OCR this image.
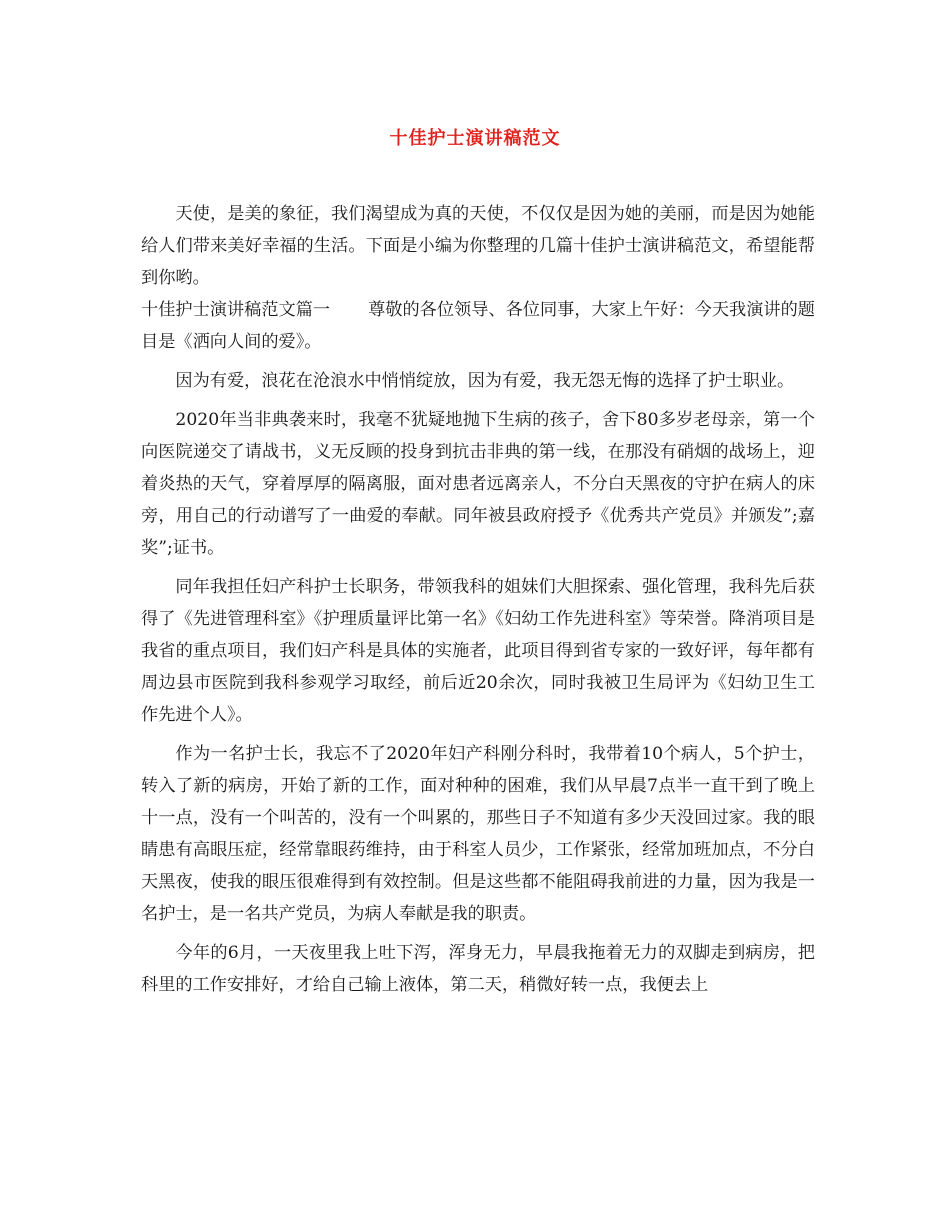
十佳护士演讲稿范文

天使，是美的象征，我们渴望成为真的天使，不仅仅是因为她的美丽，而是因为她能给人们带来美好幸福的生活。下面是小编为你整理的几篇十佳护士演讲稿范文，希望能帮到你哟。

十佳护士演讲稿范文篇一 尊敬的各位领导、各位同事，大家上午好：今天我演讲的题目是《洒向人间的爱》。

因为有爱，浪花在沧浪水中悄悄绽放，因为有爱，我无怨无悔的选择了护士职业。

2020年当非典袭来时，我毫不犹疑地抛下生病的孩子，舍下80多岁老母亲，第一个向医院递交了请战书，义无反顾的投身到抗击非典的第一线，在那没有硝烟的战场上，迎着炎热的天气，穿着厚厚的隔离服，面对患者远离亲人，不分白天黑夜的守护在病人的床旁，用自己的行动谱写了一曲爱的奉献。同年被县政府授予《优秀共产党员》并颁发”;嘉奖”;证书。

同年我担任妇产科护士长职务，带领我科的姐妹们大胆探索、强化管理，我科先后获得了《先进管理科室》《护理质量评比第一名》《妇幼工作先进科室》等荣誉。降消项目是我省的重点项目，我们妇产科是具体的实施者，此项目得到省专家的一致好评，每年都有周边县市医院到我科参观学习取经，前后近20余次，同时我被卫生局评为《妇幼卫生工作先进个人》。

作为一名护士长，我忘不了2020年妇产科刚分科时，我带着10个病人，5个护士，转入了新的病房，开始了新的工作，面对种种的困难，我们从早晨7点半一直干到了晚上十一点，没有一个叫苦的，没有一个叫累的，那些日子不知道有多少天没回过家。我的眼睛患有高眼压症，经常靠眼药维持，由于科室人员少，工作紧张，经常加班加点，不分白天黑夜，使我的眼压很难得到有效控制。但是这些都不能阻碍我前进的力量，因为我是一名护士，是一名共产党员，为病人奉献是我的职责。

今年的6月，一天夜里我上吐下泻，浑身无力，早晨我拖着无力的双脚走到病房，把科里的工作安排好，才给自己输上液体，第二天，稍微好转一点，我便去上
